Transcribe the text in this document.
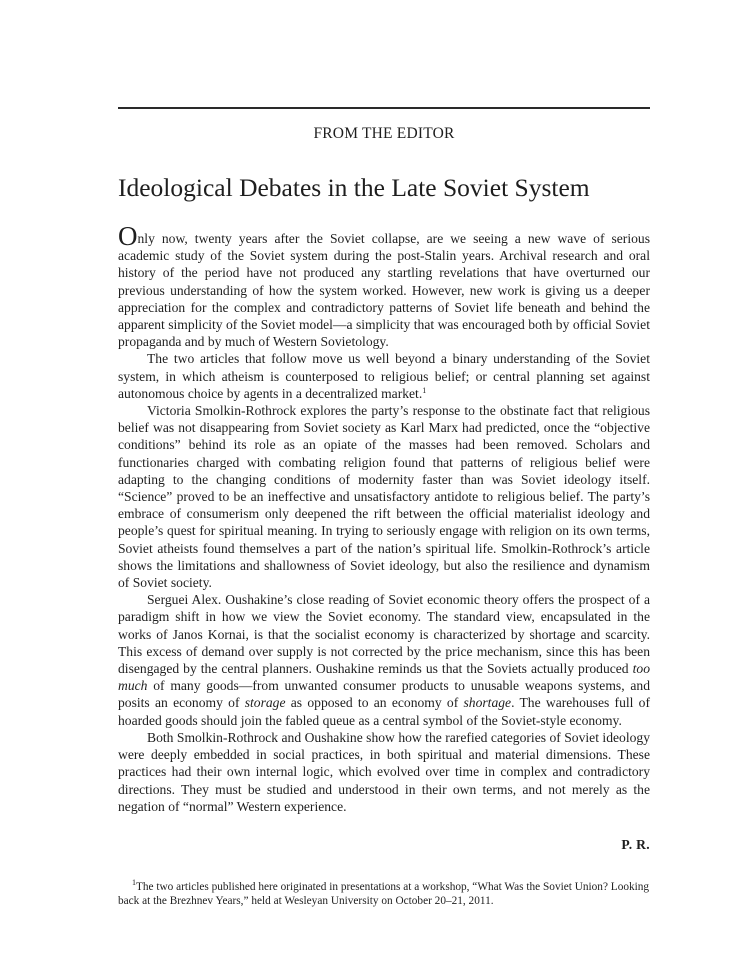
FROM THE EDITOR
Ideological Debates in the Late Soviet System

Only now, twenty years after the Soviet collapse, are we seeing a new wave of serious academic study of the Soviet system during the post-Stalin years. Archival research and oral history of the period have not produced any startling revelations that have overturned our previous understanding of how the system worked. However, new work is giving us a deeper appreciation for the complex and contradictory patterns of Soviet life beneath and behind the apparent simplicity of the Soviet model—a simplicity that was encouraged both by official Soviet propaganda and by much of Western Sovietology.

The two articles that follow move us well beyond a binary understanding of the Soviet system, in which atheism is counterposed to religious belief; or central planning set against autonomous choice by agents in a decentralized market.$^1$

Victoria Smolkin-Rothrock explores the party’s response to the obstinate fact that religious belief was not disappearing from Soviet society as Karl Marx had predicted, once the “objective conditions” behind its role as an opiate of the masses had been removed. Scholars and functionaries charged with combating religion found that patterns of religious belief were adapting to the changing conditions of modernity faster than was Soviet ideology itself. “Science” proved to be an ineffective and unsatisfactory antidote to religious belief. The party’s embrace of consumerism only deepened the rift between the official materialist ideology and people’s quest for spiritual meaning. In trying to seriously engage with religion on its own terms, Soviet atheists found themselves a part of the nation’s spiritual life. Smolkin-Rothrock’s article shows the limitations and shallowness of Soviet ideology, but also the resilience and dynamism of Soviet society.

Serguei Alex. Oushakine’s close reading of Soviet economic theory offers the prospect of a paradigm shift in how we view the Soviet economy. The standard view, encapsulated in the works of Janos Kornai, is that the socialist economy is characterized by shortage and scarcity. This excess of demand over supply is not corrected by the price mechanism, since this has been disengaged by the central planners. Oushakine reminds us that the Soviets actually produced too much of many goods—from unwanted consumer products to unusable weapons systems, and posits an economy of storage as opposed to an economy of shortage. The warehouses full of hoarded goods should join the fabled queue as a central symbol of the Soviet-style economy.

Both Smolkin-Rothrock and Oushakine show how the rarefied categories of Soviet ideology were deeply embedded in social practices, in both spiritual and material dimensions. These practices had their own internal logic, which evolved over time in complex and contradictory directions. They must be studied and understood in their own terms, and not merely as the negation of “normal” Western experience.

P. R.
$^1$The two articles published here originated in presentations at a workshop, “What Was the Soviet Union? Looking back at the Brezhnev Years,” held at Wesleyan University on October 20–21, 2011.
